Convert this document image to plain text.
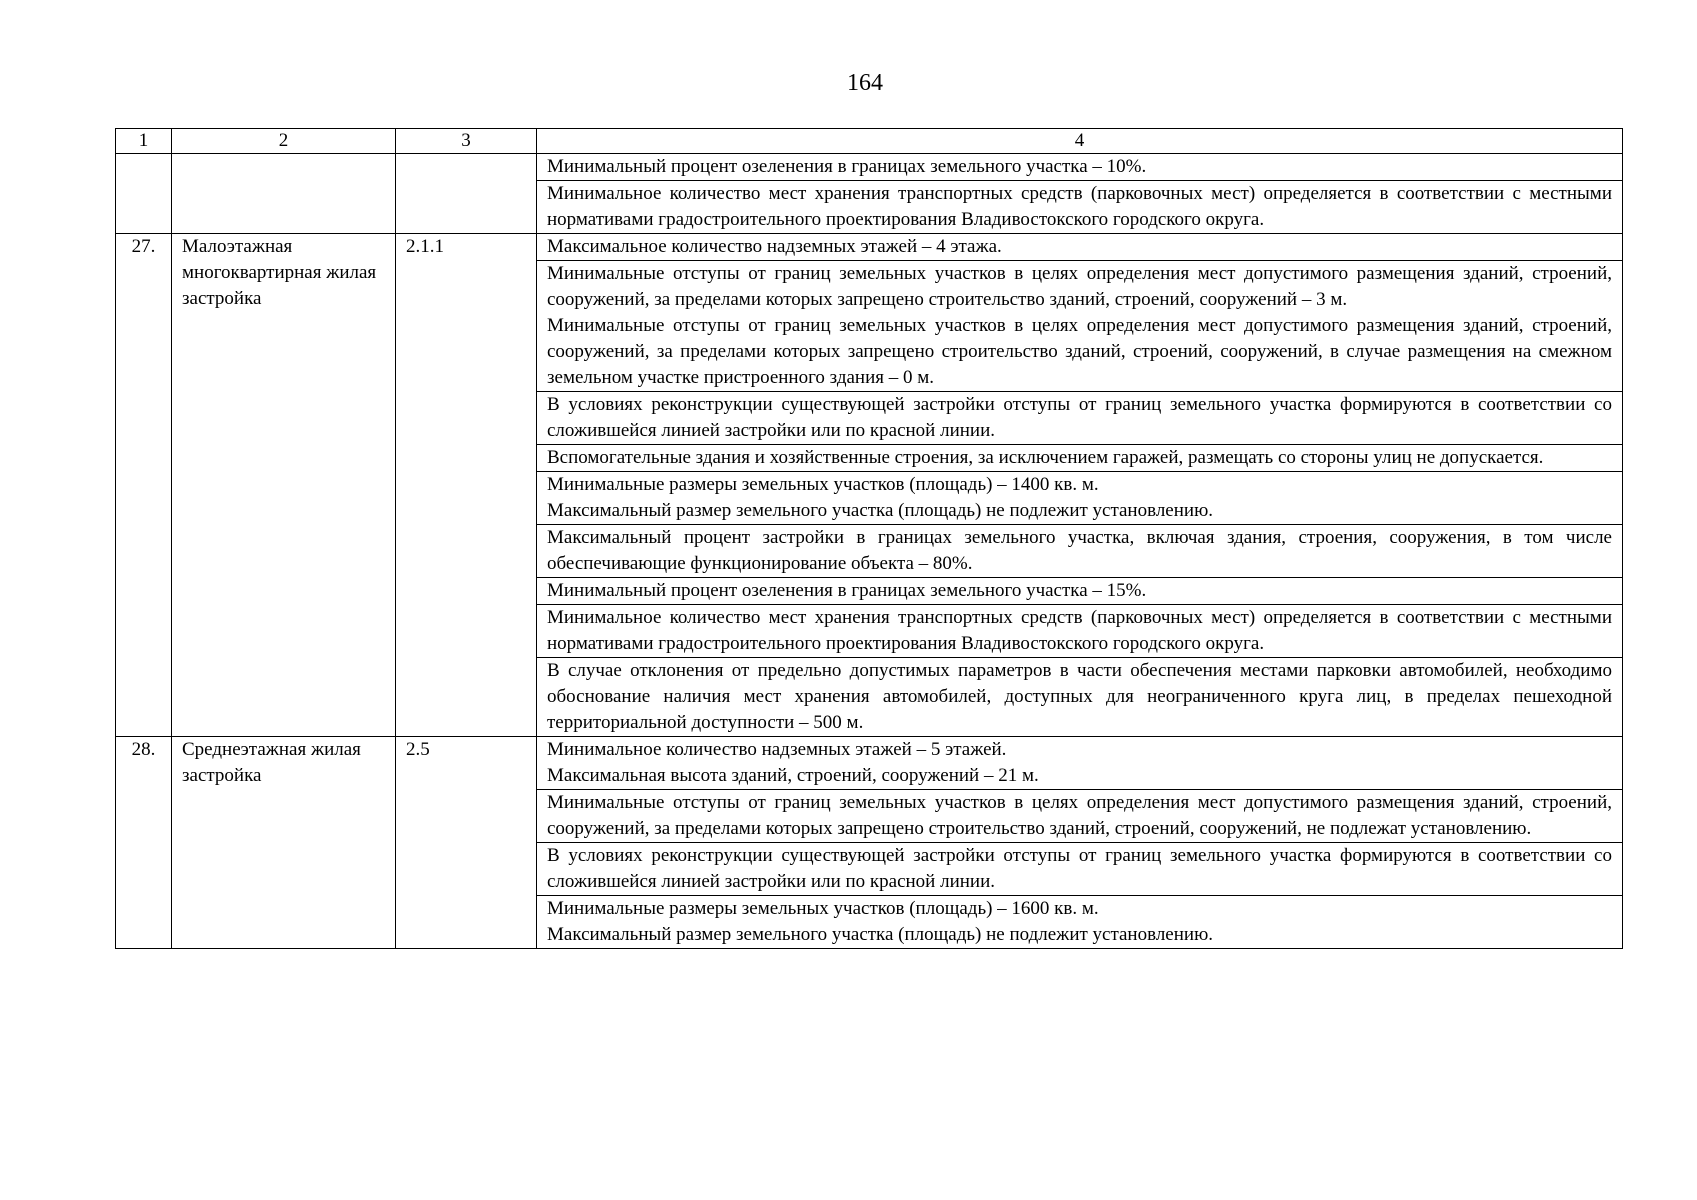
164
1	2	3	4

			Минимальный процент озеленения в границах земельного участка – 10%.

			Минимальное количество мест хранения транспортных средств (парковочных мест) определяется в соответствии с местными нормативами градостроительного проектирования Владивостокского городского округа.

27.	Малоэтажная многоквартирная жилая застройка	2.1.1	Максимальное количество надземных этажей – 4 этажа.

			Минимальные отступы от границ земельных участков в целях определения мест допустимого размещения зданий, строений, сооружений, за пределами которых запрещено строительство зданий, строений, сооружений – 3 м.

Минимальные отступы от границ земельных участков в целях определения мест допустимого размещения зданий, строений, сооружений, за пределами которых запрещено строительство зданий, строений, сооружений, в случае размещения на смежном земельном участке пристроенного здания – 0 м.

			В условиях реконструкции существующей застройки отступы от границ земельного участка формируются в соответствии со сложившейся линией застройки или по красной линии.

			Вспомогательные здания и хозяйственные строения, за исключением гаражей, размещать со стороны улиц не допускается.

			Минимальные размеры земельных участков (площадь) – 1400 кв. м.

Максимальный размер земельного участка (площадь) не подлежит установлению.

			Максимальный процент застройки в границах земельного участка, включая здания, строения, сооружения, в том числе обеспечивающие функционирование объекта – 80%.

			Минимальный процент озеленения в границах земельного участка – 15%.

			Минимальное количество мест хранения транспортных средств (парковочных мест) определяется в соответствии с местными нормативами градостроительного проектирования Владивостокского городского округа.

			В случае отклонения от предельно допустимых параметров в части обеспечения местами парковки автомобилей, необходимо обоснование наличия мест хранения автомобилей, доступных для неограниченного круга лиц, в пределах пешеходной территориальной доступности – 500 м.

28.	Среднеэтажная жилая застройка	2.5	Минимальное количество надземных этажей – 5 этажей.

Максимальная высота зданий, строений, сооружений – 21 м.

			Минимальные отступы от границ земельных участков в целях определения мест допустимого размещения зданий, строений, сооружений, за пределами которых запрещено строительство зданий, строений, сооружений, не подлежат установлению.

			В условиях реконструкции существующей застройки отступы от границ земельного участка формируются в соответствии со сложившейся линией застройки или по красной линии.

			Минимальные размеры земельных участков (площадь) – 1600 кв. м.

Максимальный размер земельного участка (площадь) не подлежит установлению.
